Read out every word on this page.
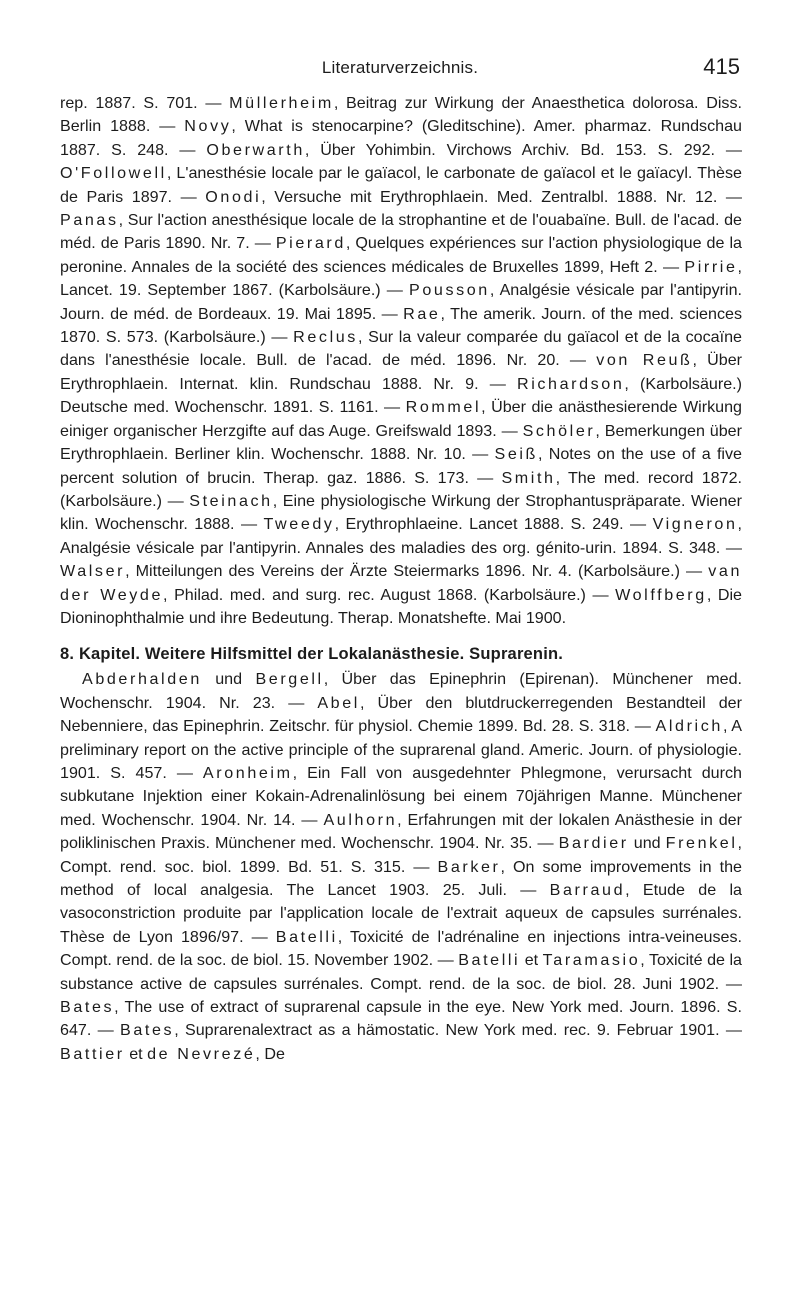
Literaturverzeichnis.	415

rep. 1887. S. 701. — Müllerheim, Beitrag zur Wirkung der Anaesthetica dolorosa. Diss. Berlin 1888. — Novy, What is stenocarpine? (Gleditschine). Amer. pharmaz. Rundschau 1887. S. 248. — Oberwarth, Über Yohimbin. Virchows Archiv. Bd. 153. S. 292. — O'Followell, L'anesthésie locale par le gaïacol, le carbonate de gaïacol et le gaïacyl. Thèse de Paris 1897. — Onodi, Versuche mit Erythrophlaein. Med. Zentralbl. 1888. Nr. 12. — Panas, Sur l'action anesthésique locale de la strophantine et de l'ouabaïne. Bull. de l'acad. de méd. de Paris 1890. Nr. 7. — Pierard, Quelques expériences sur l'action physiologique de la peronine. Annales de la société des sciences médicales de Bruxelles 1899, Heft 2. — Pirrie, Lancet. 19. September 1867. (Karbolsäure.) — Pousson, Analgésie vésicale par l'antipyrin. Journ. de méd. de Bordeaux. 19. Mai 1895. — Rae, The amerik. Journ. of the med. sciences 1870. S. 573. (Karbolsäure.) — Reclus, Sur la valeur comparée du gaïacol et de la cocaïne dans l'anesthésie locale. Bull. de l'acad. de méd. 1896. Nr. 20. — von Reuß, Über Erythrophlaein. Internat. klin. Rundschau 1888. Nr. 9. — Richardson, (Karbolsäure.) Deutsche med. Wochenschr. 1891. S. 1161. — Rommel, Über die anästhesierende Wirkung einiger organischer Herzgifte auf das Auge. Greifswald 1893. — Schöler, Bemerkungen über Erythrophlaein. Berliner klin. Wochenschr. 1888. Nr. 10. — Seiß, Notes on the use of a five percent solution of brucin. Therap. gaz. 1886. S. 173. — Smith, The med. record 1872. (Karbolsäure.) — Steinach, Eine physiologische Wirkung der Strophantuspräparate. Wiener klin. Wochenschr. 1888. — Tweedy, Erythrophlaeine. Lancet 1888. S. 249. — Vigneron, Analgésie vésicale par l'antipyrin. Annales des maladies des org. génito-urin. 1894. S. 348. — Walser, Mitteilungen des Vereins der Ärzte Steiermarks 1896. Nr. 4. (Karbolsäure.) — van der Weyde, Philad. med. and surg. rec. August 1868. (Karbolsäure.) — Wolffberg, Die Dioninophthalmie und ihre Bedeutung. Therap. Monatshefte. Mai 1900.

8. Kapitel. Weitere Hilfsmittel der Lokalanästhesie. Suprarenin.

Abderhalden und Bergell, Über das Epinephrin (Epirenan). Münchener med. Wochenschr. 1904. Nr. 23. — Abel, Über den blutdruckerregenden Bestandteil der Nebenniere, das Epinephrin. Zeitschr. für physiol. Chemie 1899. Bd. 28. S. 318. — Aldrich, A preliminary report on the active principle of the suprarenal gland. Americ. Journ. of physiologie. 1901. S. 457. — Aronheim, Ein Fall von ausgedehnter Phlegmone, verursacht durch subkutane Injektion einer Kokain-Adrenalinlösung bei einem 70jährigen Manne. Münchener med. Wochenschr. 1904. Nr. 14. — Aulhorn, Erfahrungen mit der lokalen Anästhesie in der poliklinischen Praxis. Münchener med. Wochenschr. 1904. Nr. 35. — Bardier und Frenkel, Compt. rend. soc. biol. 1899. Bd. 51. S. 315. — Barker, On some improvements in the method of local analgesia. The Lancet 1903. 25. Juli. — Barraud, Etude de la vasoconstriction produite par l'application locale de l'extrait aqueux de capsules surrénales. Thèse de Lyon 1896/97. — Batelli, Toxicité de l'adrénaline en injections intra-veineuses. Compt. rend. de la soc. de biol. 15. November 1902. — Batelli et Taramasio, Toxicité de la substance active de capsules surrénales. Compt. rend. de la soc. de biol. 28. Juni 1902. — Bates, The use of extract of suprarenal capsule in the eye. New York med. Journ. 1896. S. 647. — Bates, Suprarenalextract as a hämostatic. New York med. rec. 9. Februar 1901. — Battier et de Nevrezé, De
